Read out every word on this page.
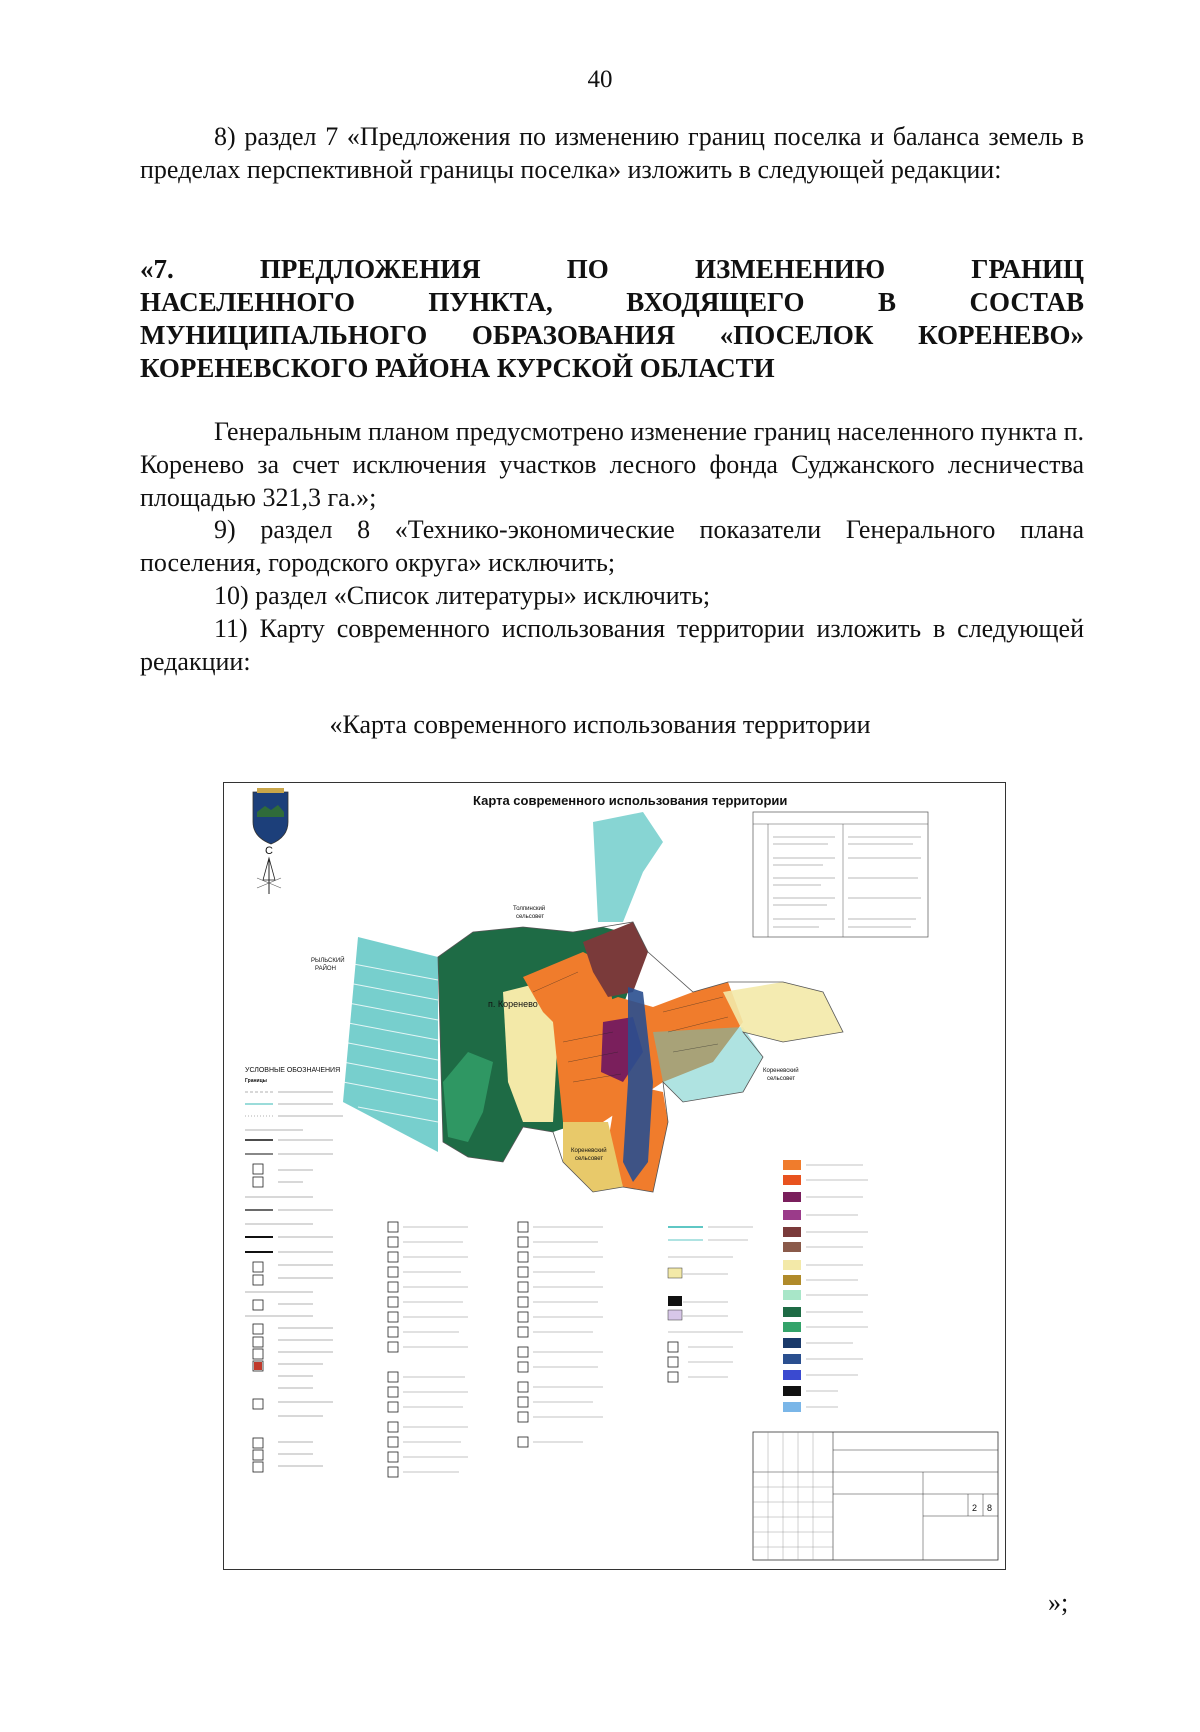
40
8) раздел 7 «Предложения по изменению границ поселка и баланса земель в пределах перспективной границы поселка» изложить в следующей редакции:
«7. ПРЕДЛОЖЕНИЯ ПО ИЗМЕНЕНИЮ ГРАНИЦ
НАСЕЛЕННОГО ПУНКТА, ВХОДЯЩЕГО В СОСТАВ
МУНИЦИПАЛЬНОГО ОБРАЗОВАНИЯ «ПОСЕЛОК КОРЕНЕВО»
КОРЕНЕВСКОГО РАЙОНА КУРСКОЙ ОБЛАСТИ
Генеральным планом предусмотрено изменение границ населенного пункта п. Коренево за счет исключения участков лесного фонда Суджанского лесничества площадью 321,3 га.»;
9) раздел 8 «Технико-экономические показатели Генерального плана поселения, городского округа» исключить;
10) раздел «Список литературы» исключить;
11) Карту современного использования территории изложить в следующей редакции:
«Карта современного использования территории
Карта современного использования территории
С
п. Коренево
Толпинский
сельсовет
РЫЛЬСКИЙ
РАЙОН
Кореневский
сельсовет
Кореневский
сельсовет
УСЛОВНЫЕ ОБОЗНАЧЕНИЯ
Границы
2 8
»;
